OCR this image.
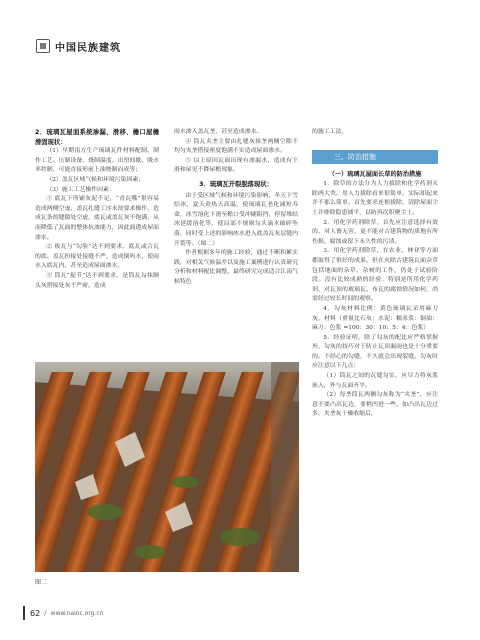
中国民族建筑
2．琉璃瓦屋面系统渗漏、滑移、檐口屋檐滑固现状：

（1）早期南方生产琉璃瓦件材料配制、制作工艺、压制设备、烧制温度、出窑间歇、吸水率控制、可能直接形前上油烧制而成等；

（2）盖瓦区域气候和环境污染因素；

（3）施工工艺操作因素：

① 底瓦下所铺灰泥不足，“青瓦嘴”很容易造成两侧空虚，盖瓦扎缝工序未按要求操作，造成瓦条的缝隙处空虚，底瓦或盖瓦灰不饱满，从而降低了瓦面的整体抗渗能力，因此面透成屋面渗水。

② 板瓦与“勾脸”达不到要求，底瓦或合瓦的底、盖瓦扮接处接缝不严，造成倒吗水，使雨水入底瓦内，甚至造成屋面渗水。

③ 筒瓦“捉节”达不到要求，是筒瓦勾抹顺头灰搭接处灰不严密，造成

雨水渗入盖瓦垄，甚至造成渗水。

④ 筒瓦夹垄主要由扎缝灰抹垄两侧空隙不均匀夹垄搭接密度饱满不实造成屋面渗水。

⑤ 以上原因瓦面出现有渗漏水，造成有下滑和屋见不降屋檐现象。

3．琉璃瓦开裂脱落现状：

由于受区域气候和环境污染影响，冬天下雪结冰，夏天炎热天高温，使琉璃瓦老化减短寿命，冰雪溶化下滑至檐口受冲刷阻挡，停留堆结冰延缓溶化等，使局部不规则勾头滴水破碎坠落，同时受上述的影响冰水进入底盖瓦灰层缝内开裂等。（图二）

作者根据多年的施工经验，通过不断积累实践，对相关气候温差以及施工案例进行认真研究分析和材料配比调整，最终研究完成适合江南气候特色

的施工工法。

三、防治措施
（一）琉璃瓦屋面长草的防治措施

1．除草的方法分为人力拔除和化学药剂灭除两大类。用人力拔除看来很简单，实际却起来并不那么简单。首先要求连根拔除，清除屋面尘土并排除隐患铺平，以防再次积聚尘土。

2．用化学药剂除草，首先应注意选择有效的、对人畜无害，更不能对古建筑物的质地有所伤损、腐蚀或留下永久性的污渍。

3．用化学药剂除草，在农业、林业等方面都取得了很好的成果。但在火除古建筑瓦面杂草包括地面的杂草、杂树的工作，仍处于试验阶段。没有比较成熟的经验。特别是所用化学药剂，对瓦顶的玻璃瓦、布瓦的腐蚀情况如何，尚需经过较长时间的观察。

4．勾灰材料比例：黄色琉璃瓦采用麻刀灰，材料（重量比石灰：水泥：糯米浆：铜油：麻刀：色浆 =100：30：10：5：4：色浆）

5．经验证明，除了勾灰的配比应严格掌握外，勾灰的技巧对于防止瓦顶漏雨也是十分重要的。不经心的勾缝，不久就会出现裂缝。勾灰时应注意以下几点：

（1）筒瓦之间的瓦缝勾实，应尽力将灰浆嵌入，外与瓦面齐平。

（2）每垄筒瓦两侧勾灰称为“夹垄”，应注意不要凸出瓦边，要稍凹进一些，如凸出瓦边过多，夹垄灰干燥收缩后，

图二
62 / www.naioc.org.cn
